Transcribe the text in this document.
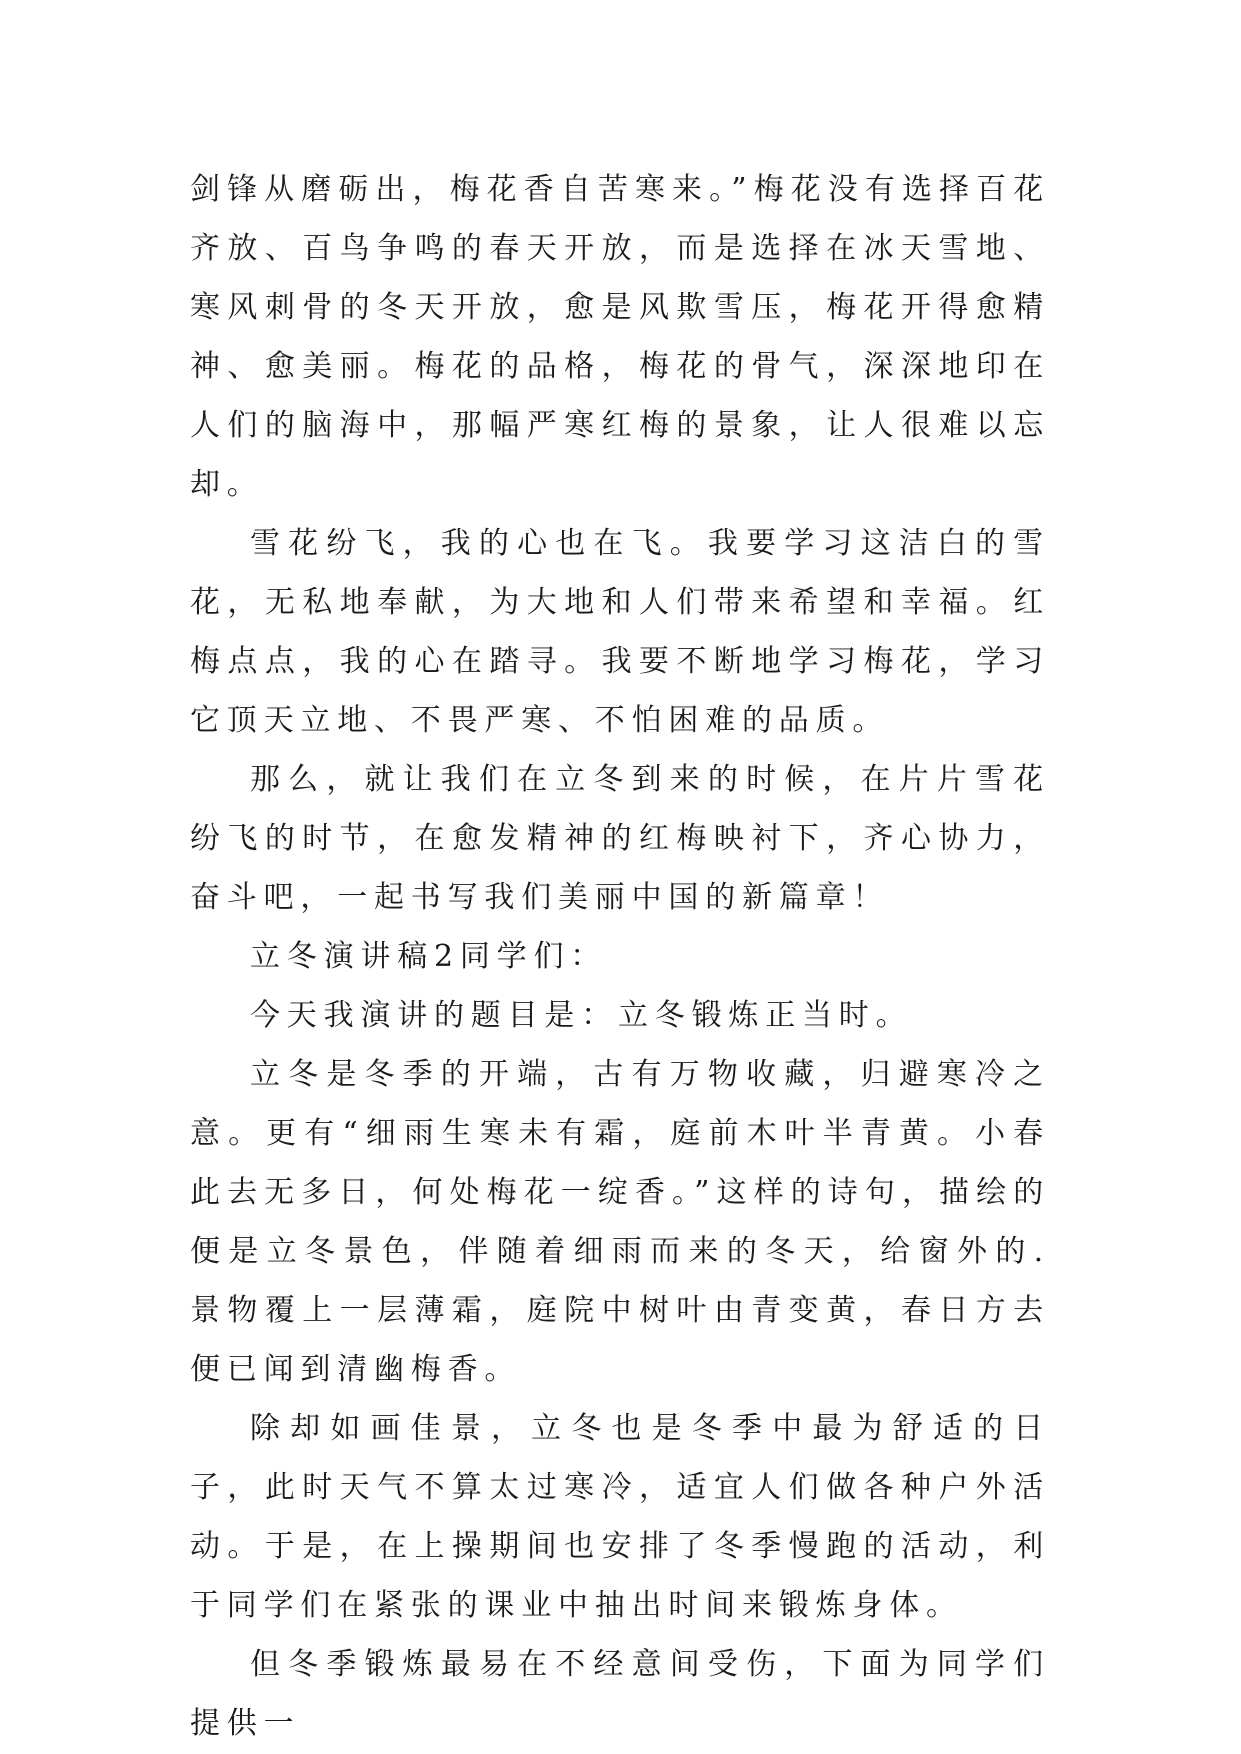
剑锋从磨砺出，梅花香自苦寒来。”梅花没有选择百花齐放、百鸟争鸣的春天开放，而是选择在冰天雪地、寒风刺骨的冬天开放，愈是风欺雪压，梅花开得愈精神、愈美丽。梅花的品格，梅花的骨气，深深地印在人们的脑海中，那幅严寒红梅的景象，让人很难以忘却。

雪花纷飞，我的心也在飞。我要学习这洁白的雪花，无私地奉献，为大地和人们带来希望和幸福。红梅点点，我的心在踏寻。我要不断地学习梅花，学习它顶天立地、不畏严寒、不怕困难的品质。

那么，就让我们在立冬到来的时候，在片片雪花纷飞的时节，在愈发精神的红梅映衬下，齐心协力，奋斗吧，一起书写我们美丽中国的新篇章！

立冬演讲稿2同学们：

今天我演讲的题目是：立冬锻炼正当时。

立冬是冬季的开端，古有万物收藏，归避寒冷之意。更有“细雨生寒未有霜，庭前木叶半青黄。小春此去无多日，何处梅花一绽香。”这样的诗句，描绘的便是立冬景色，伴随着细雨而来的冬天，给窗外的.景物覆上一层薄霜，庭院中树叶由青变黄，春日方去便已闻到清幽梅香。

除却如画佳景，立冬也是冬季中最为舒适的日子，此时天气不算太过寒冷，适宜人们做各种户外活动。于是，在上操期间也安排了冬季慢跑的活动，利于同学们在紧张的课业中抽出时间来锻炼身体。

但冬季锻炼最易在不经意间受伤，下面为同学们提供一
